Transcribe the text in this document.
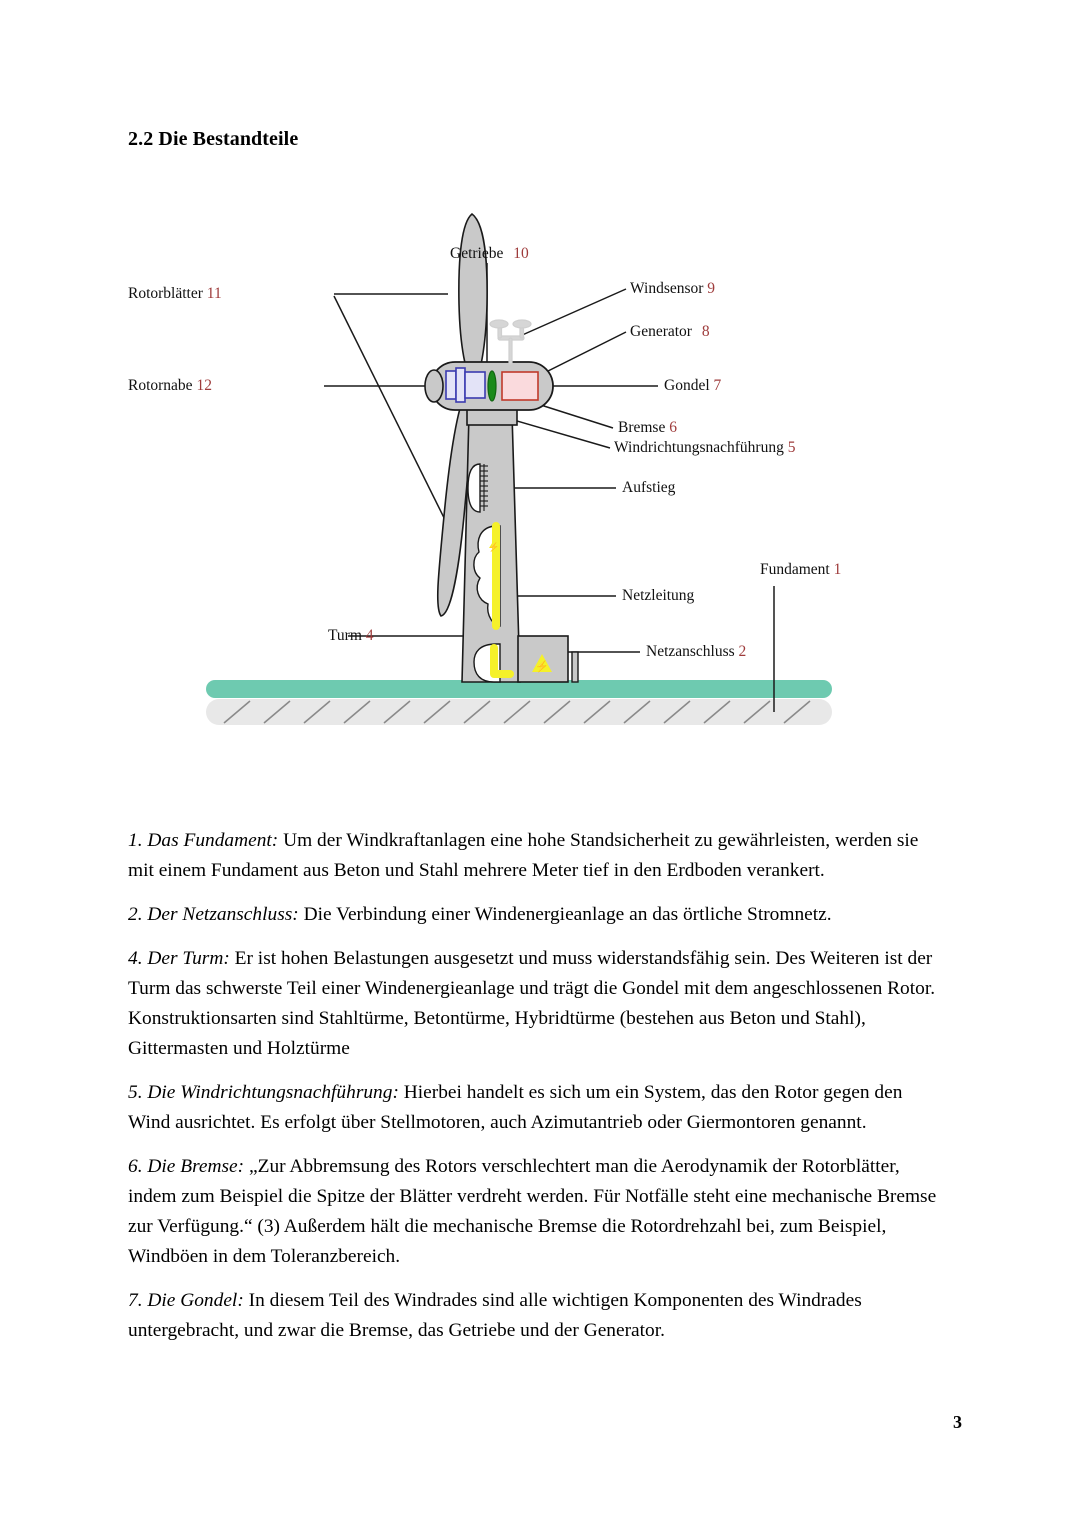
2.2 Die Bestandteile
⚡
⚡
Rotorblätter 11
Rotornabe 12
Getriebe 10
Windsensor 9
Generator 8
Gondel 7
Bremse 6
Windrichtungsnachführung 5
Aufstieg
Netzleitung
Netzanschluss 2
Fundament 1
Turm 4

1. Das Fundament: Um der Windkraftanlagen eine hohe Standsicherheit zu gewährleisten, werden sie mit einem Fundament aus Beton und Stahl mehrere Meter tief in den Erdboden verankert.

2. Der Netzanschluss: Die Verbindung einer Windenergieanlage an das örtliche Stromnetz.

4. Der Turm: Er ist hohen Belastungen ausgesetzt und muss widerstandsfähig sein. Des Weiteren ist der Turm das schwerste Teil einer Windenergieanlage und trägt die Gondel mit dem angeschlossenen Rotor. Konstruktionsarten sind Stahltürme, Betontürme, Hybridtürme (bestehen aus Beton und Stahl), Gittermasten und Holztürme

5. Die Windrichtungsnachführung: Hierbei handelt es sich um ein System, das den Rotor gegen den Wind ausrichtet. Es erfolgt über Stellmotoren, auch Azimutantrieb oder Giermontoren genannt.

6. Die Bremse: „Zur Abbremsung des Rotors verschlechtert man die Aerodynamik der Rotorblätter, indem zum Beispiel die Spitze der Blätter verdreht werden. Für Notfälle steht eine mechanische Bremse zur Verfügung.“ (3) Außerdem hält die mechanische Bremse die Rotordrehzahl bei, zum Beispiel, Windböen in dem Toleranzbereich.

7. Die Gondel: In diesem Teil des Windrades sind alle wichtigen Komponenten des Windrades untergebracht, und zwar die Bremse, das Getriebe und der Generator.

3
